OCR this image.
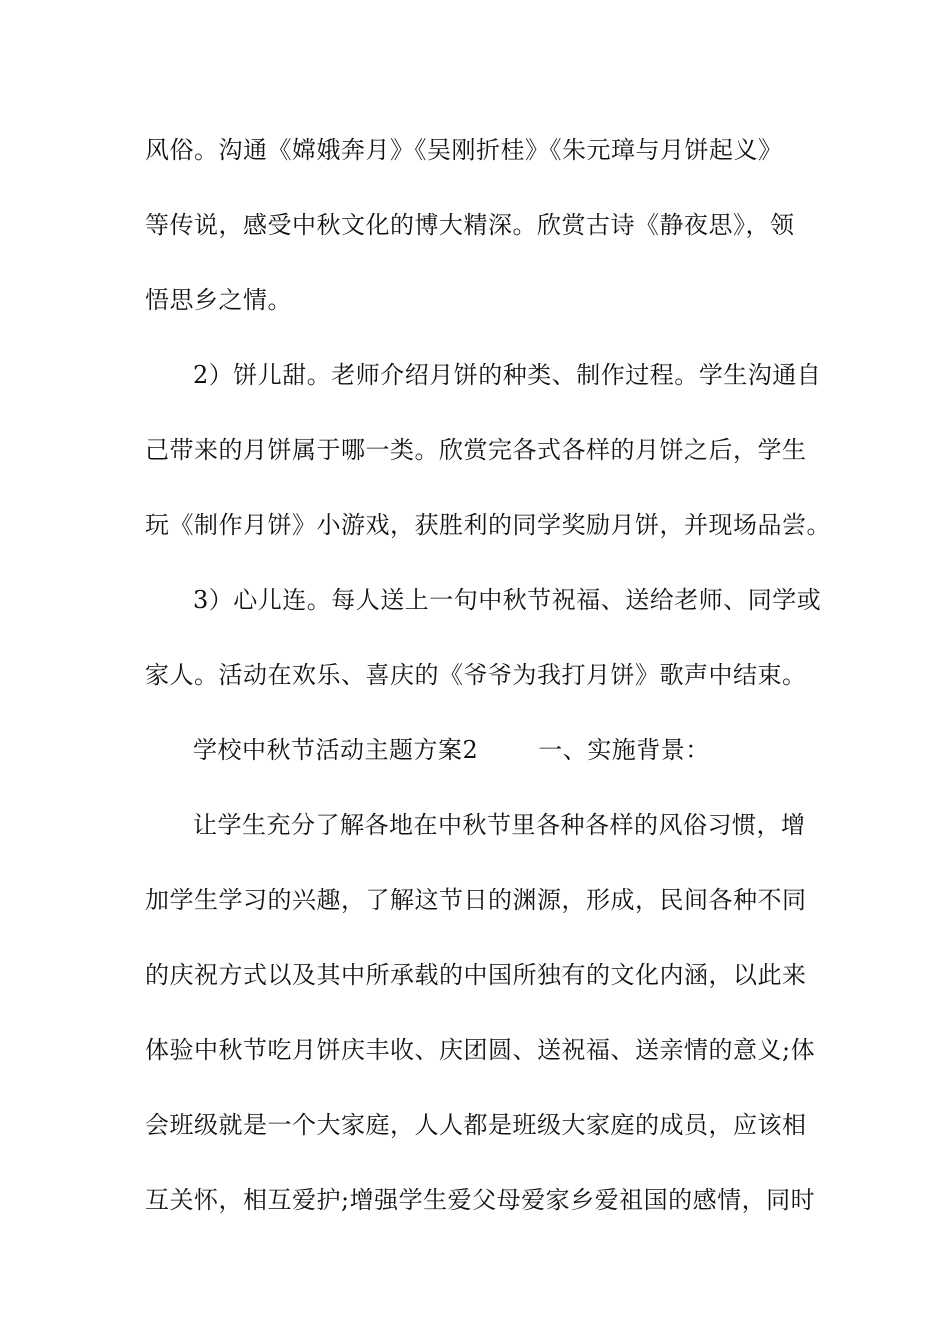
风俗。沟通《嫦娥奔月》《吴刚折桂》《朱元璋与月饼起义》
等传说，感受中秋文化的博大精深。欣赏古诗《静夜思》，领
悟思乡之情。
2）饼儿甜。老师介绍月饼的种类、制作过程。学生沟通自
己带来的月饼属于哪一类。欣赏完各式各样的月饼之后，学生
玩《制作月饼》小游戏，获胜利的同学奖励月饼，并现场品尝。
3）心儿连。每人送上一句中秋节祝福、送给老师、同学或
家人。活动在欢乐、喜庆的《爷爷为我打月饼》歌声中结束。
学校中秋节活动主题方案2	一、实施背景：
让学生充分了解各地在中秋节里各种各样的风俗习惯，增
加学生学习的兴趣，了解这节日的渊源，形成，民间各种不同
的庆祝方式以及其中所承载的中国所独有的文化内涵，以此来
体验中秋节吃月饼庆丰收、庆团圆、送祝福、送亲情的意义;体
会班级就是一个大家庭，人人都是班级大家庭的成员，应该相
互关怀，相互爱护;增强学生爱父母爱家乡爱祖国的感情，同时
